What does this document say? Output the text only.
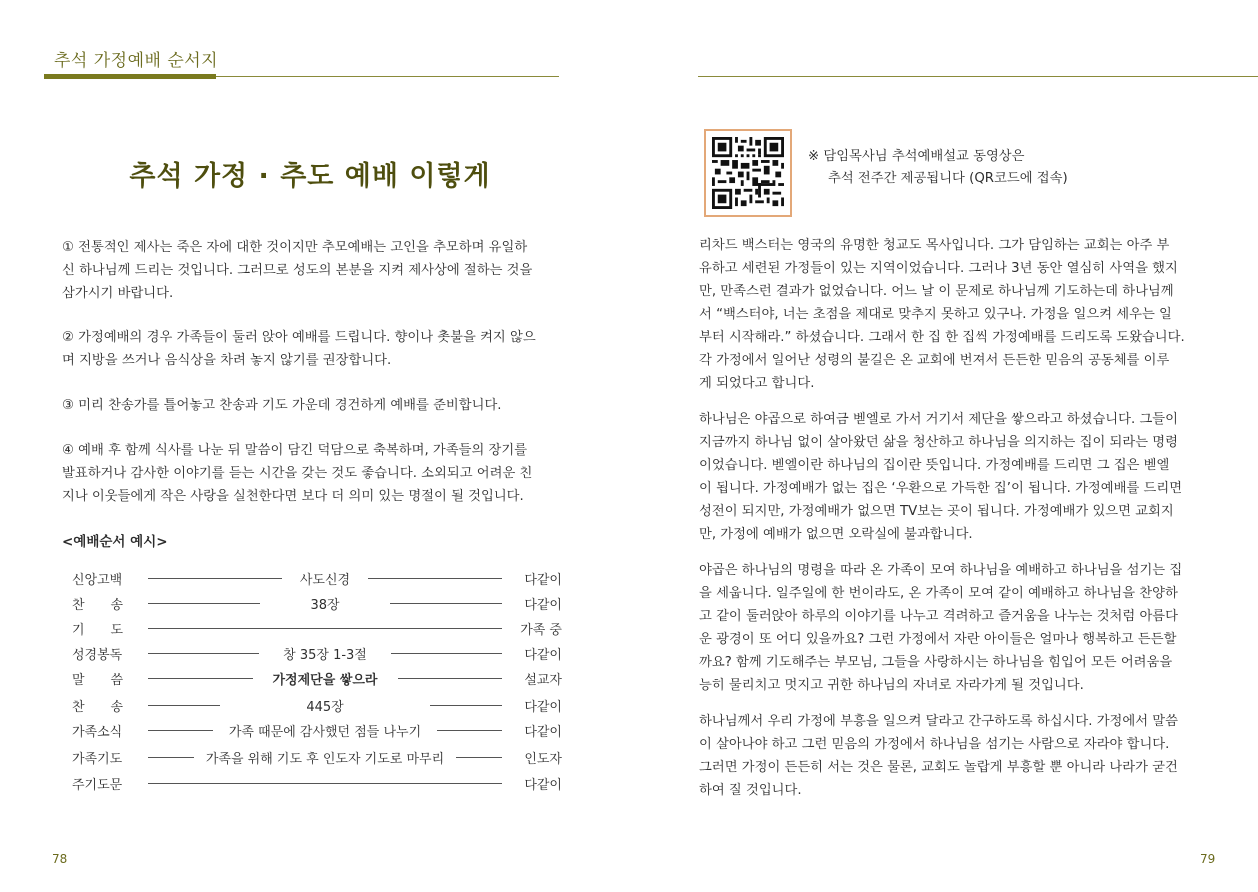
추석 가정예배 순서지
추석 가정 · 추도 예배 이렇게
① 전통적인 제사는 죽은 자에 대한 것이지만 추모예배는 고인을 추모하며 유일하
신 하나님께 드리는 것입니다. 그러므로 성도의 본분을 지켜 제사상에 절하는 것을
삼가시기 바랍니다.
② 가정예배의 경우 가족들이 둘러 앉아 예배를 드립니다. 향이나 촛불을 켜지 않으
며 지방을 쓰거나 음식상을 차려 놓지 않기를 권장합니다.
③ 미리 찬송가를 틀어놓고 찬송과 기도 가운데 경건하게 예배를 준비합니다.
④ 예배 후 함께 식사를 나눈 뒤 말씀이 담긴 덕담으로 축복하며, 가족들의 장기를
발표하거나 감사한 이야기를 듣는 시간을 갖는 것도 좋습니다. 소외되고 어려운 친
지나 이웃들에게 작은 사랑을 실천한다면 보다 더 의미 있는 명절이 될 것입니다.
<예배순서 예시>
신앙고백	사도신경	다같이
찬　　송	38장	다같이
기　　도	가족 중
성경봉독	창 35장 1-3절	다같이
말　　씀	가정제단을 쌓으라	설교자
찬　　송	445장	다같이
가족소식	가족 때문에 감사했던 점들 나누기	다같이
가족기도	가족을 위해 기도 후 인도자 기도로 마무리	인도자
주기도문	다같이
※ 담임목사님 추석예배설교 동영상은
추석 전주간 제공됩니다 (QR코드에 접속)
리차드 백스터는 영국의 유명한 청교도 목사입니다. 그가 담임하는 교회는 아주 부
유하고 세련된 가정들이 있는 지역이었습니다. 그러나 3년 동안 열심히 사역을 했지
만, 만족스런 결과가 없었습니다. 어느 날 이 문제로 하나님께 기도하는데 하나님께
서 “백스터야, 너는 초점을 제대로 맞추지 못하고 있구나. 가정을 일으켜 세우는 일
부터 시작해라.” 하셨습니다. 그래서 한 집 한 집씩 가정예배를 드리도록 도왔습니다.
각 가정에서 일어난 성령의 불길은 온 교회에 번져서 든든한 믿음의 공동체를 이루
게 되었다고 합니다.
하나님은 야곱으로 하여금 벧엘로 가서 거기서 제단을 쌓으라고 하셨습니다. 그들이
지금까지 하나님 없이 살아왔던 삶을 청산하고 하나님을 의지하는 집이 되라는 명령
이었습니다. 벧엘이란 하나님의 집이란 뜻입니다. 가정예배를 드리면 그 집은 벧엘
이 됩니다. 가정예배가 없는 집은 ‘우환으로 가득한 집’이 됩니다. 가정예배를 드리면
성전이 되지만, 가정예배가 없으면 TV보는 곳이 됩니다. 가정예배가 있으면 교회지
만, 가정에 예배가 없으면 오락실에 불과합니다.
야곱은 하나님의 명령을 따라 온 가족이 모여 하나님을 예배하고 하나님을 섬기는 집
을 세웁니다. 일주일에 한 번이라도, 온 가족이 모여 같이 예배하고 하나님을 찬양하
고 같이 둘러앉아 하루의 이야기를 나누고 격려하고 즐거움을 나누는 것처럼 아름다
운 광경이 또 어디 있을까요? 그런 가정에서 자란 아이들은 얼마나 행복하고 든든할
까요? 함께 기도해주는 부모님, 그들을 사랑하시는 하나님을 힘입어 모든 어려움을
능히 물리치고 멋지고 귀한 하나님의 자녀로 자라가게 될 것입니다.
하나님께서 우리 가정에 부흥을 일으켜 달라고 간구하도록 하십시다. 가정에서 말씀
이 살아나야 하고 그런 믿음의 가정에서 하나님을 섬기는 사람으로 자라야 합니다.
그러면 가정이 든든히 서는 것은 물론, 교회도 놀랍게 부흥할 뿐 아니라 나라가 굳건
하여 질 것입니다.
78	79
